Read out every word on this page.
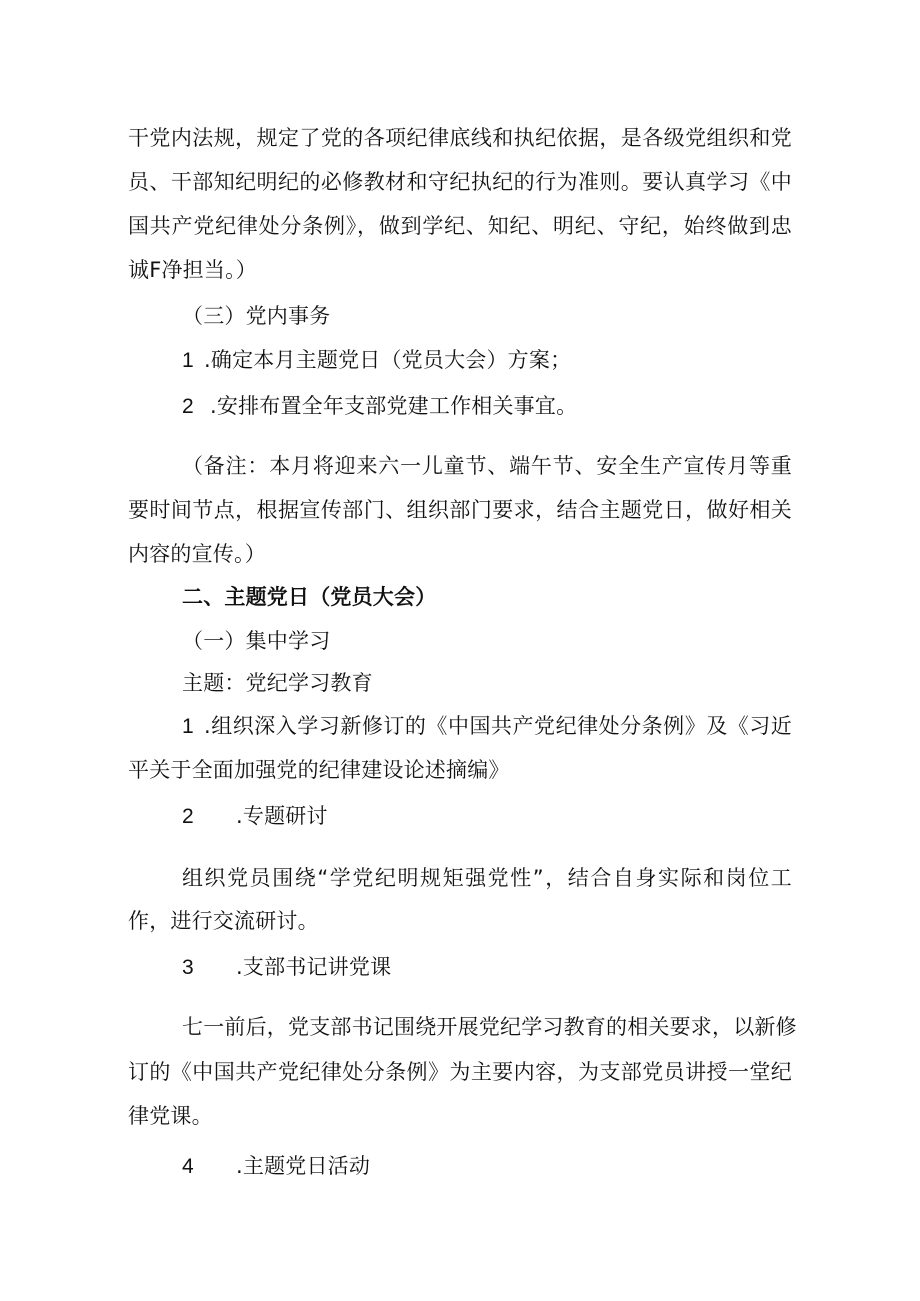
干党内法规，规定了党的各项纪律底线和执纪依据，是各级党组织和党
员、干部知纪明纪的必修教材和守纪执纪的行为准则。要认真学习《中
国共产党纪律处分条例》，做到学纪、知纪、明纪、守纪，始终做到忠
诚F净担当。）
（三）党内事务
1 .确定本月主题党日（党员大会）方案；
2 .安排布置全年支部党建工作相关事宜。
（备注：本月将迎来六一儿童节、端午节、安全生产宣传月等重
要时间节点，根据宣传部门、组织部门要求，结合主题党日，做好相关
内容的宣传。）
二、主题党日（党员大会）
（一）集中学习
主题：党纪学习教育
1 .组织深入学习新修订的《中国共产党纪律处分条例》及《习近
平关于全面加强党的纪律建设论述摘编》
2 .专题研讨
组织党员围绕“学党纪明规矩强党性”，结合自身实际和岗位工
作，进行交流研讨。
3 .支部书记讲党课
七一前后，党支部书记围绕开展党纪学习教育的相关要求，以新修
订的《中国共产党纪律处分条例》为主要内容，为支部党员讲授一堂纪
律党课。
4 .主题党日活动
